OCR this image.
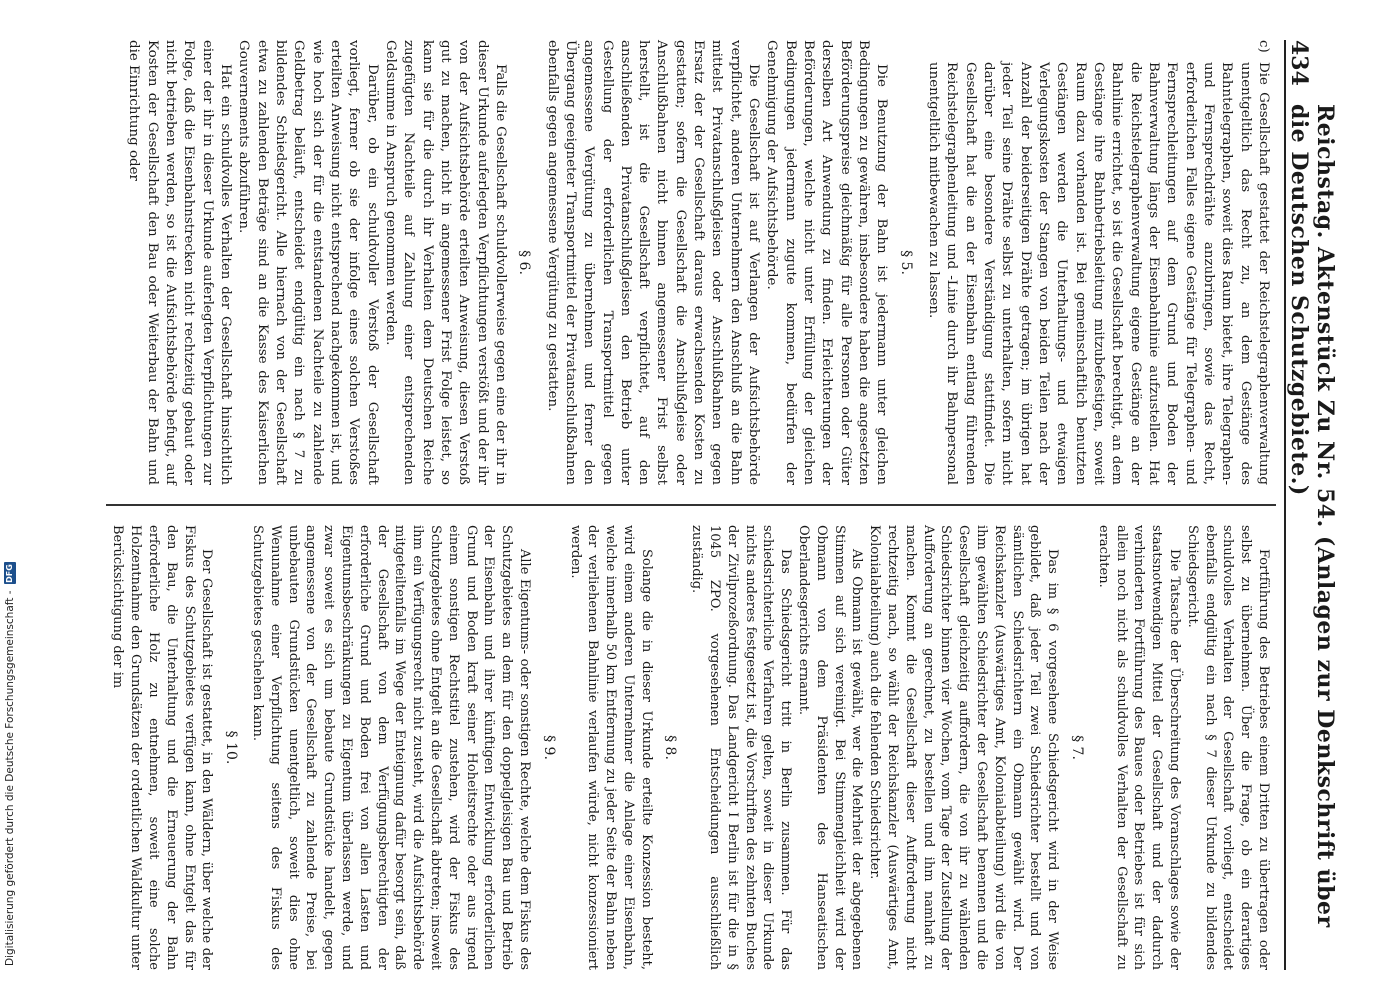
434
Reichstag. Aktenstück Zu Nr. 54. (Anlagen zur Denkschrift über die Deutschen Schutzgebiete.)

c)
Die Gesellschaft gestattet der Reichstelegraphenverwaltung unentgeltlich das Recht zu, an dem Gestänge des Bahntelegraphen, soweit dies Raum bietet, ihre Telegraphen- und Fernsprechdrähte anzubringen, sowie das Recht, erforderlichen Falles eigene Gestänge für Telegraphen- und Fernsprechleitungen auf dem Grund und Boden der Bahnverwaltung längs der Eisenbahnlinie aufzustellen. Hat die Reichstelegraphenverwaltung eigene Gestänge an der Bahnlinie errichtet, so ist die Gesellschaft berechtigt, an dem Gestänge ihre Bahnbetriebsleitung mitzubefestigen, soweit Raum dazu vorhanden ist. Bei gemeinschaftlich benutzten Gestängen werden die Unterhaltungs- und etwaigen Verlegungskosten der Stangen von beiden Teilen nach der Anzahl der beiderseitigen Drähte getragen; im übrigen hat jeder Teil seine Drähte selbst zu unterhalten, sofern nicht darüber eine besondere Verständigung stattfindet. Die Gesellschaft hat die an der Eisenbahn entlang führenden Reichstelegraphenleitung und -Linie durch ihr Bahnpersonal unentgeltlich mitbewachen zu lassen.

§ 5.

Die Benutzung der Bahn ist jedermann unter gleichen Bedingungen zu gewähren, insbesondere haben die angesetzten Beförderungspreise gleichmäßig für alle Personen oder Güter derselben Art Anwendung zu finden. Erleichterungen der Beförderungen, welche nicht unter Erfüllung der gleichen Bedingungen jedermann zugute kommen, bedürfen der Genehmigung der Aufsichtsbehörde.

Die Gesellschaft ist auf Verlangen der Aufsichtsbehörde verpflichtet, anderen Unternehmern den Anschluß an die Bahn mittelst Privatanschlußgleisen oder Anschlußbahnen gegen Ersatz der der Gesellschaft daraus erwachsenden Kosten zu gestatten; sofern die Gesellschaft die Anschlußgleise oder Anschlußbahnen nicht binnen angemessener Frist selbst herstellt, ist die Gesellschaft verpflichtet, auf den anschließenden Privatanschlußgleisen den Betrieb unter Gestellung der erforderlichen Transportmittel gegen angemessene Vergütung zu übernehmen und ferner den Übergang geeigneter Transportmittel der Privatanschlußbahnen ebenfalls gegen angemessene Vergütung zu gestatten.

§ 6.

Falls die Gesellschaft schuldvollerweise gegen eine der ihr in dieser Urkunde auferlegten Verpflichtungen verstößt und der ihr von der Aufsichtsbehörde erteilten Anweisung, diesen Verstoß gut zu machen, nicht in angemessener Frist Folge leistet, so kann sie für die durch ihr Verhalten dem Deutschen Reiche zugefügten Nachteile auf Zahlung einer entsprechenden Geldsumme in Anspruch genommen werden.

Darüber, ob ein schuldvoller Verstoß der Gesellschaft vorliegt, ferner ob sie der infolge eines solchen Verstoßes erteilten Anweisung nicht entsprechend nachgekommen ist, und wie hoch sich der für die entstandenen Nachteile zu zahlende Geldbetrag beläuft, entscheidet endgültig ein nach § 7 zu bildendes Schiedsgericht. Alle hiernach von der Gesellschaft etwa zu zahlenden Beträge sind an die Kasse des Kaiserlichen Gouvernements abzuführen.

Hat ein schuldvolles Verhalten der Gesellschaft hinsichtlich einer der ihr in dieser Urkunde auferlegten Verpflichtungen zur Folge, daß die Eisenbahnstrecken nicht rechtzeitig gebaut oder nicht betrieben werden, so ist die Aufsichtsbehörde befugt, auf Kosten der Gesellschaft den Bau oder Weiterbau der Bahn und die Einrichtung oder

Fortführung des Betriebes einem Dritten zu übertragen oder selbst zu übernehmen. Über die Frage, ob ein derartiges schuldvolles Verhalten der Gesellschaft vorliegt, entscheidet ebenfalls endgültig ein nach § 7 dieser Urkunde zu bildendes Schiedsgericht.

Die Tatsache der Überschreitung des Voranschlages sowie der staatsnotwendigen Mittel der Gesellschaft und der dadurch verhinderten Fortführung des Baues oder Betriebes ist für sich allein noch nicht als schuldvolles Verhalten der Gesellschaft zu erachten.

§ 7.

Das im § 6 vorgesehene Schiedsgericht wird in der Weise gebildet, daß jeder Teil zwei Schiedsrichter bestellt und von sämtlichen Schiedsrichtern ein Obmann gewählt wird. Der Reichskanzler (Auswärtiges Amt, Kolonialabteilung) wird die von ihm gewählten Schiedsrichter der Gesellschaft benennen und die Gesellschaft gleichzeitig auffordern, die von ihr zu wählenden Schiedsrichter binnen vier Wochen, vom Tage der Zustellung der Aufforderung an gerechnet, zu bestellen und ihm namhaft zu machen. Kommt die Gesellschaft dieser Aufforderung nicht rechtzeitig nach, so wählt der Reichskanzler (Auswärtiges Amt, Kolonialabteilung) auch die fehlenden Schiedsrichter.

Als Obmann ist gewählt, wer die Mehrheit der abgegebenen Stimmen auf sich vereinigt. Bei Stimmengleichheit wird der Obmann von dem Präsidenten des Hanseatischen Oberlandesgerichts ernannt.

Das Schiedsgericht tritt in Berlin zusammen. Für das schiedsrichterliche Verfahren gelten, soweit in dieser Urkunde nichts anderes festgesetzt ist, die Vorschriften des zehnten Buches der Zivilprozeßordnung. Das Landgericht I Berlin ist für die in § 1045 ZPO. vorgesehenen Entscheidungen ausschließlich zuständig.

§ 8.

Solange die in dieser Urkunde erteilte Konzession besteht, wird einem anderen Unternehmer die Anlage einer Eisenbahn, welche innerhalb 50 km Entfernung zu jeder Seite der Bahn neben der verliehenen Bahnlinie verlaufen würde, nicht konzessioniert werden.

§ 9.

Alle Eigentums- oder sonstigen Rechte, welche dem Fiskus des Schutzgebietes an dem für den doppelgleisigen Bau und Betrieb der Eisenbahn und ihrer künftigen Entwicklung erforderlichen Grund und Boden kraft seiner Hoheitsrechte oder aus irgend einem sonstigen Rechtstitel zustehen, wird der Fiskus des Schutzgebietes ohne Entgelt an die Gesellschaft abtreten; insoweit ihm ein Verfügungsrecht nicht zusteht, wird die Aufsichtsbehörde mitgeteiltenfalls im Wege der Enteignung dafür besorgt sein, daß der Gesellschaft von dem Verfügungsberechtigten der erforderliche Grund und Boden frei von allen Lasten und Eigentumsbeschränkungen zu Eigentum überlassen werde, und zwar soweit es sich um bebaute Grundstücke handelt, gegen angemessene von der Gesellschaft zu zahlende Preise, bei unbebauten Grundstücken unentgeltlich, soweit dies ohne Wenunahme einer Verpflichtung seitens des Fiskus des Schutzgebietes geschehen kann.

§ 10.

Der Gesellschaft ist gestattet, in den Wäldern, über welche der Fiskus des Schutzgebietes verfügen kann, ohne Entgelt das für den Bau, die Unterhaltung und die Erneuerung der Bahn erforderliche Holz zu entnehmen, soweit eine solche Holzentnahme den Grundsätzen der ordentlichen Waldkultur unter Berücksichtigung der im

Digitalisierung gefördert durch die Deutsche Forschungsgemeinschaft -
DFG
